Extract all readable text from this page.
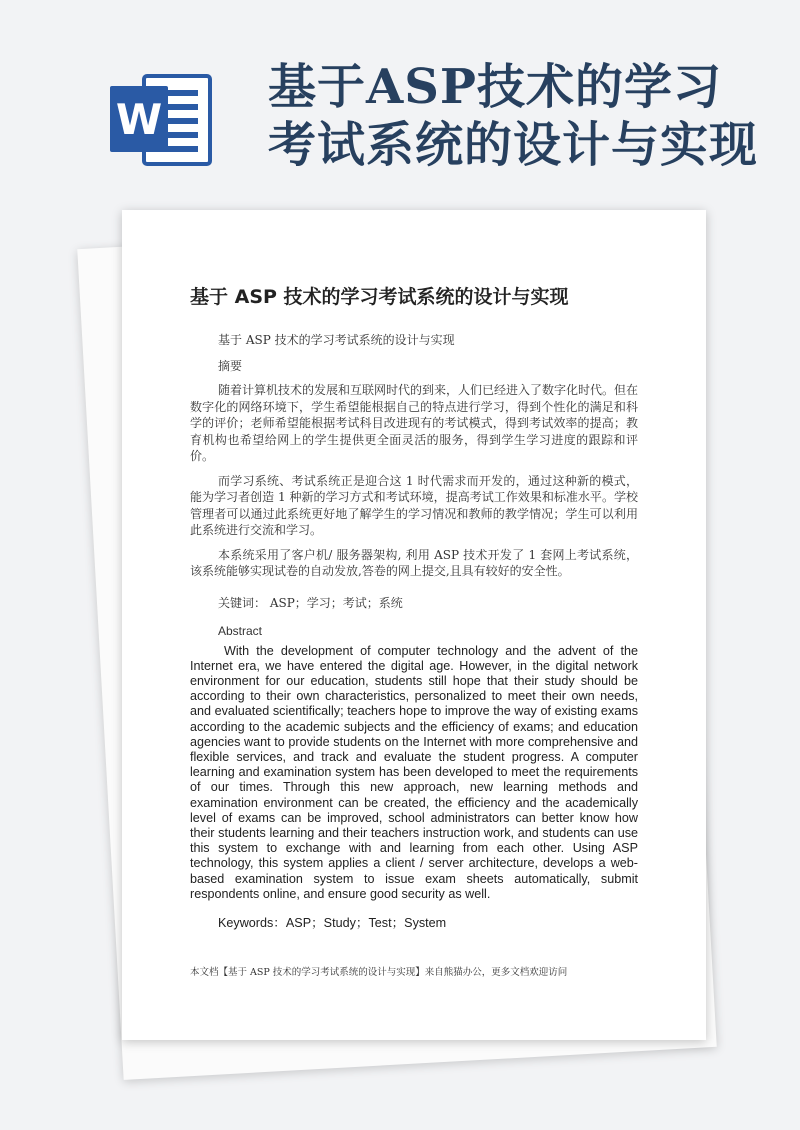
W
基于ASP技术的学习
考试系统的设计与实现
基于 ASP 技术的学习考试系统的设计与实现

基于 ASP 技术的学习考试系统的设计与实现

摘要

随着计算机技术的发展和互联网时代的到来，人们已经进入了数字化时代。但在数字化的网络环境下，学生希望能根据自己的特点进行学习，得到个性化的满足和科学的评价；老师希望能根据考试科目改进现有的考试模式，得到考试效率的提高；教育机构也希望给网上的学生提供更全面灵活的服务，得到学生学习进度的跟踪和评价。

而学习系统、考试系统正是迎合这 1 时代需求而开发的，通过这种新的模式，能为学习者创造 1 种新的学习方式和考试环境，提高考试工作效果和标准水平。学校管理者可以通过此系统更好地了解学生的学习情况和教师的教学情况；学生可以利用此系统进行交流和学习。

本系统采用了客户机/ 服务器架构, 利用 ASP 技术开发了 1 套网上考试系统，该系统能够实现试卷的自动发放,答卷的网上提交,且具有较好的安全性。

关键词： ASP；学习；考试；系统

Abstract

With the development of computer technology and the advent of the Internet era, we have entered the digital age. However, in the digital network environment for our education, students still hope that their study should be according to their own characteristics, personalized to meet their own needs, and evaluated scientifically; teachers hope to improve the way of existing exams according to the academic subjects and the efficiency of exams; and education agencies want to provide students on the Internet with more comprehensive and flexible services, and track and evaluate the student progress. A computer learning and examination system has been developed to meet the requirements of our times. Through this new approach, new learning methods and examination environment can be created, the efficiency and the academically level of exams can be improved, school administrators can better know how their students learning and their teachers instruction work, and students can use this system to exchange with and learning from each other. Using ASP technology, this system applies a client / server architecture, develops a web-based examination system to issue exam sheets automatically, submit respondents online, and ensure good security as well.

Keywords：ASP；Study；Test；System

本文档【基于 ASP 技术的学习考试系统的设计与实现】来自熊猫办公，更多文档欢迎访问
